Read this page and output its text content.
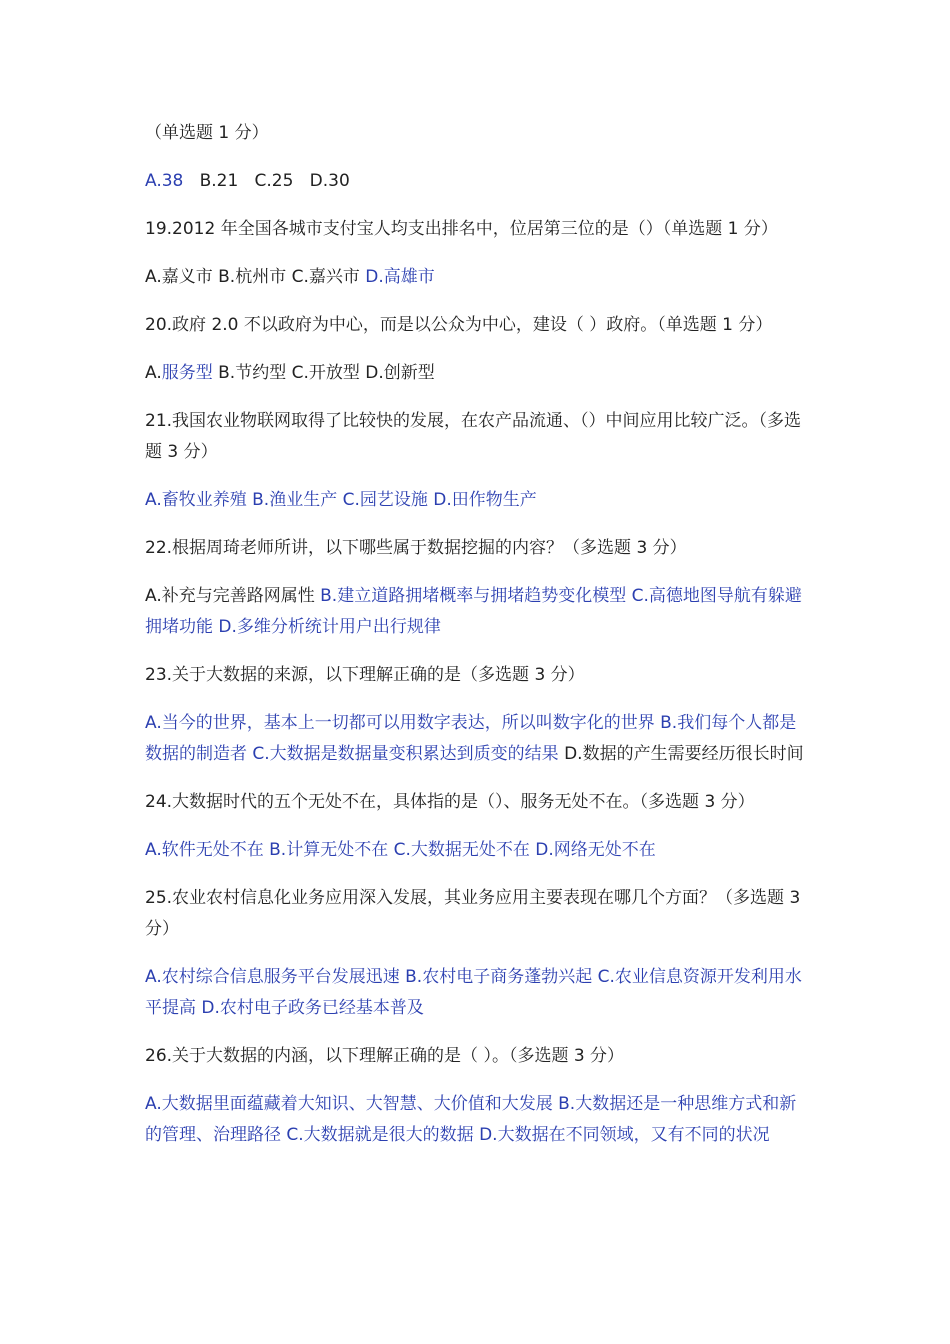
（单选题 1 分）

A.38   B.21   C.25   D.30

19.2012 年全国各城市支付宝人均支出排名中，位居第三位的是（）（单选题 1 分）

A.嘉义市 B.杭州市 C.嘉兴市 D.高雄市

20.政府 2.0 不以政府为中心，而是以公众为中心，建设（ ）政府。（单选题 1 分）

A.服务型 B.节约型 C.开放型 D.创新型

21.我国农业物联网取得了比较快的发展，在农产品流通、（）中间应用比较广泛。（多选题 3 分）

A.畜牧业养殖 B.渔业生产 C.园艺设施 D.田作物生产

22.根据周琦老师所讲，以下哪些属于数据挖掘的内容？（多选题 3 分）

A.补充与完善路网属性 B.建立道路拥堵概率与拥堵趋势变化模型 C.高德地图导航有躲避拥堵功能 D.多维分析统计用户出行规律

23.关于大数据的来源，以下理解正确的是（多选题 3 分）

A.当今的世界，基本上一切都可以用数字表达，所以叫数字化的世界 B.我们每个人都是数据的制造者 C.大数据是数据量变积累达到质变的结果 D.数据的产生需要经历很长时间

24.大数据时代的五个无处不在，具体指的是（）、服务无处不在。（多选题 3 分）

A.软件无处不在 B.计算无处不在 C.大数据无处不在 D.网络无处不在

25.农业农村信息化业务应用深入发展，其业务应用主要表现在哪几个方面？（多选题 3 分）

A.农村综合信息服务平台发展迅速 B.农村电子商务蓬勃兴起 C.农业信息资源开发利用水平提高 D.农村电子政务已经基本普及

26.关于大数据的内涵，以下理解正确的是（ ）。（多选题 3 分）

A.大数据里面蕴藏着大知识、大智慧、大价值和大发展 B.大数据还是一种思维方式和新的管理、治理路径 C.大数据就是很大的数据 D.大数据在不同领域，又有不同的状况
